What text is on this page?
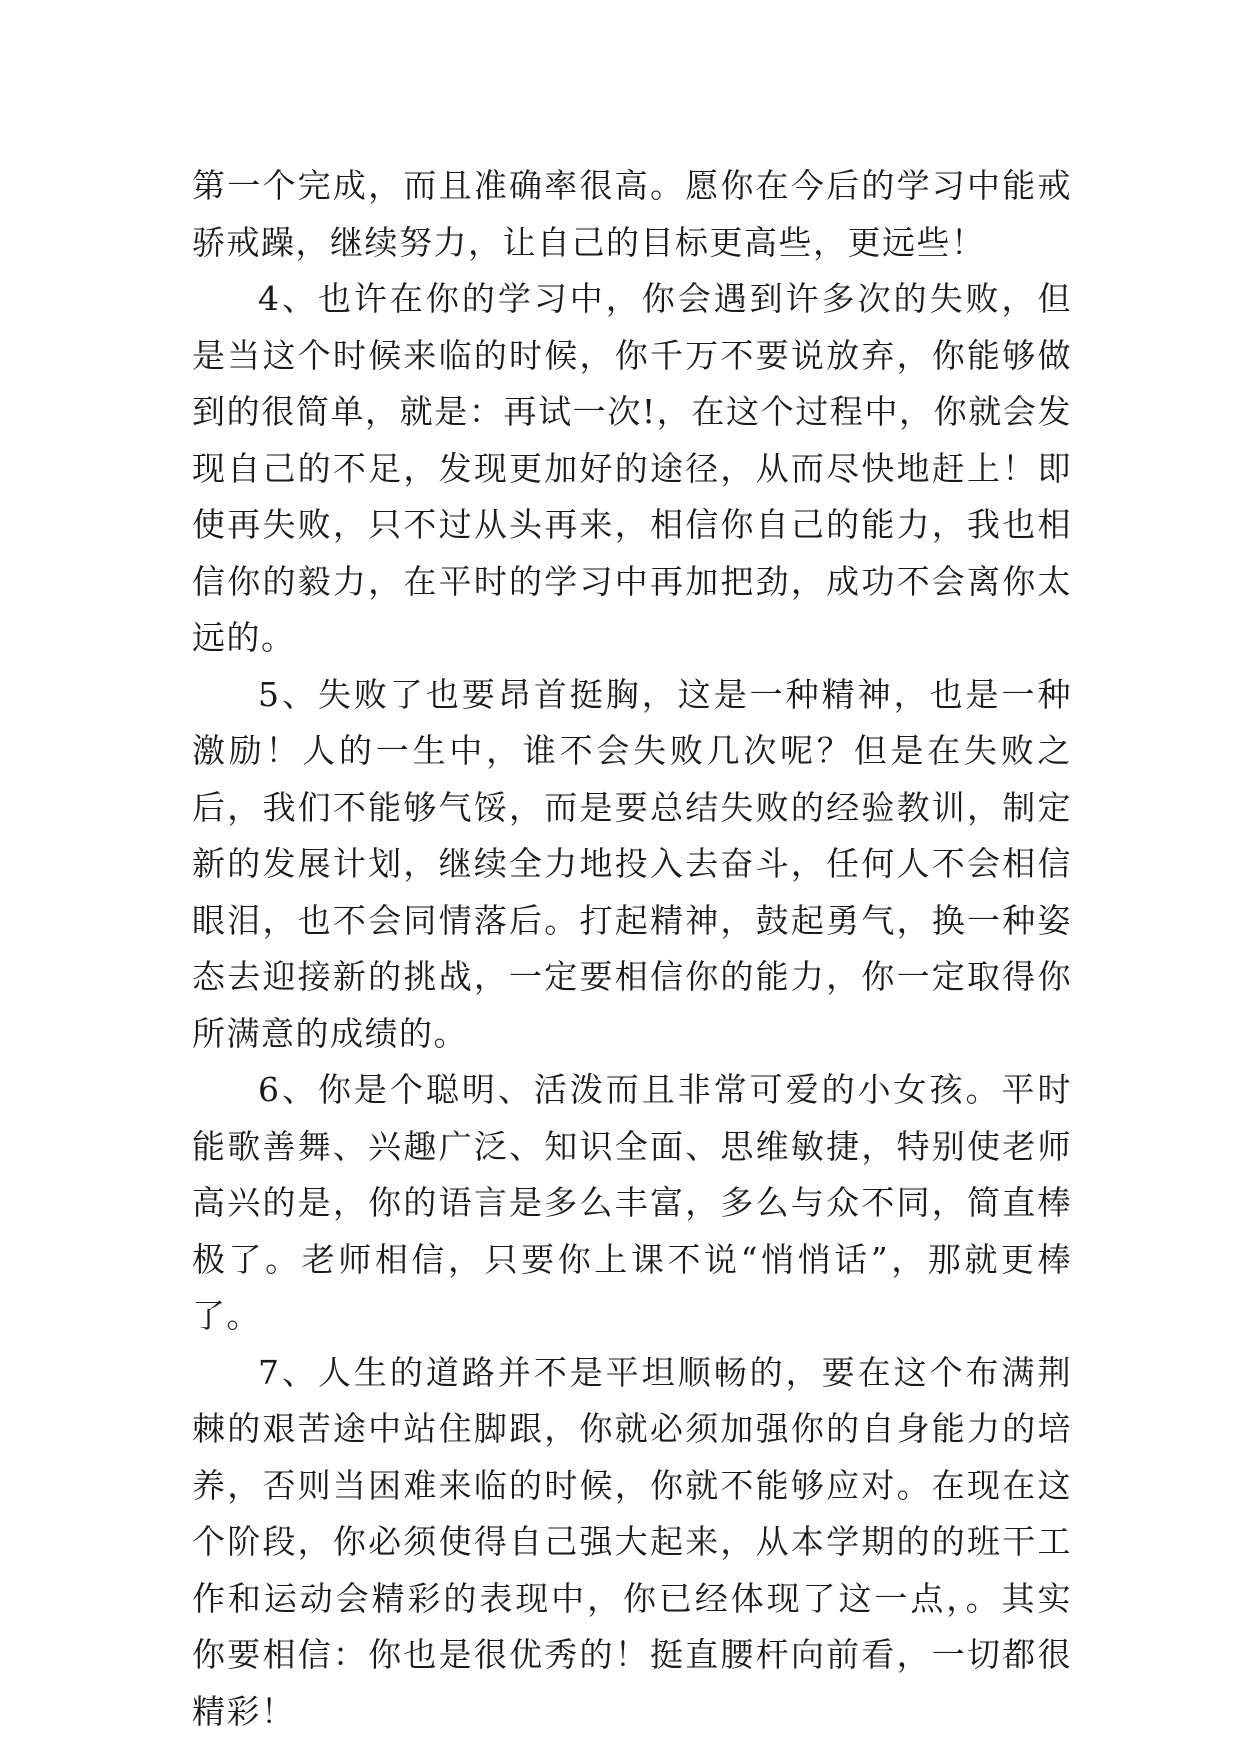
第一个完成，而且准确率很高。愿你在今后的学习中能戒骄戒躁，继续努力，让自己的目标更高些，更远些！

4、也许在你的学习中，你会遇到许多次的失败，但是当这个时候来临的时候，你千万不要说放弃，你能够做到的很简单，就是：再试一次!，在这个过程中，你就会发现自己的不足，发现更加好的途径，从而尽快地赶上！即使再失败，只不过从头再来，相信你自己的能力，我也相信你的毅力，在平时的学习中再加把劲，成功不会离你太远的。

5、失败了也要昂首挺胸，这是一种精神，也是一种激励！人的一生中，谁不会失败几次呢？但是在失败之后，我们不能够气馁，而是要总结失败的经验教训，制定新的发展计划，继续全力地投入去奋斗，任何人不会相信眼泪，也不会同情落后。打起精神，鼓起勇气，换一种姿态去迎接新的挑战，一定要相信你的能力，你一定取得你所满意的成绩的。

6、你是个聪明、活泼而且非常可爱的小女孩。平时能歌善舞、兴趣广泛、知识全面、思维敏捷，特别使老师高兴的是，你的语言是多么丰富，多么与众不同，简直棒极了。老师相信，只要你上课不说“悄悄话”，那就更棒了。

7、人生的道路并不是平坦顺畅的，要在这个布满荆棘的艰苦途中站住脚跟，你就必须加强你的自身能力的培养，否则当困难来临的时候，你就不能够应对。在现在这个阶段，你必须使得自己强大起来，从本学期的的班干工作和运动会精彩的表现中，你已经体现了这一点，。其实你要相信：你也是很优秀的！挺直腰杆向前看，一切都很精彩！
